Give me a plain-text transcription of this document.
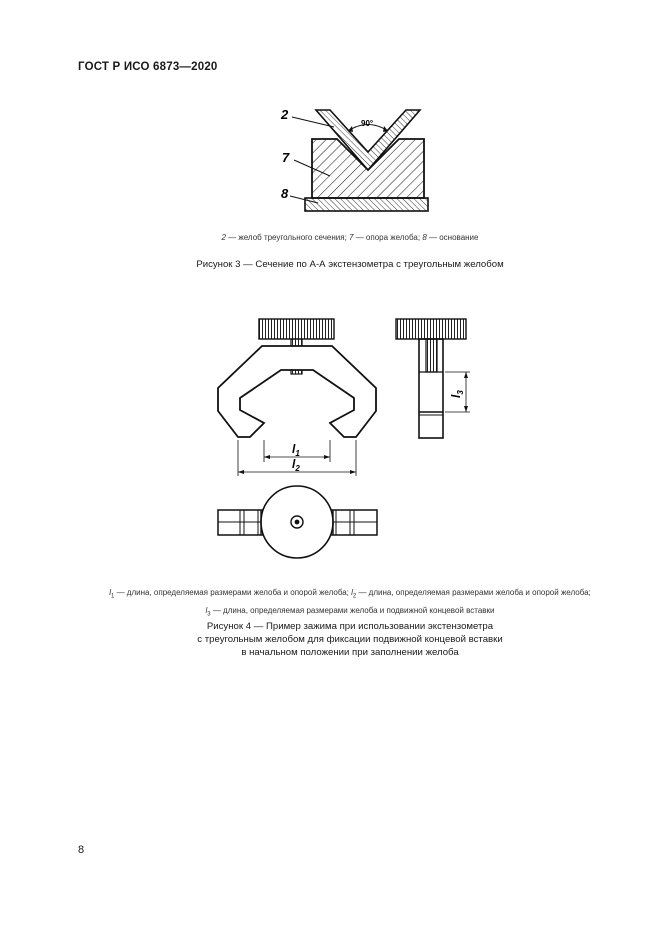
ГОСТ Р ИСО 6873—2020
2
7
8
90°
2 — желоб треугольного сечения; 7 — опора желоба; 8 — основание
Рисунок 3 — Сечение по А-А экстензометра с треугольным желобом
$l_1$
$l_2$
$l_3$
$l_1$ — длина, определяемая размерами желоба и опорой желоба; $l_2$ — длина, определяемая размерами желоба и опорой желоба;
$l_3$ — длина, определяемая размерами желоба и подвижной концевой вставки
Рисунок 4 — Пример зажима при использовании экстензометра
с треугольным желобом для фиксации подвижной концевой вставки
в начальном положении при заполнении желоба
8
